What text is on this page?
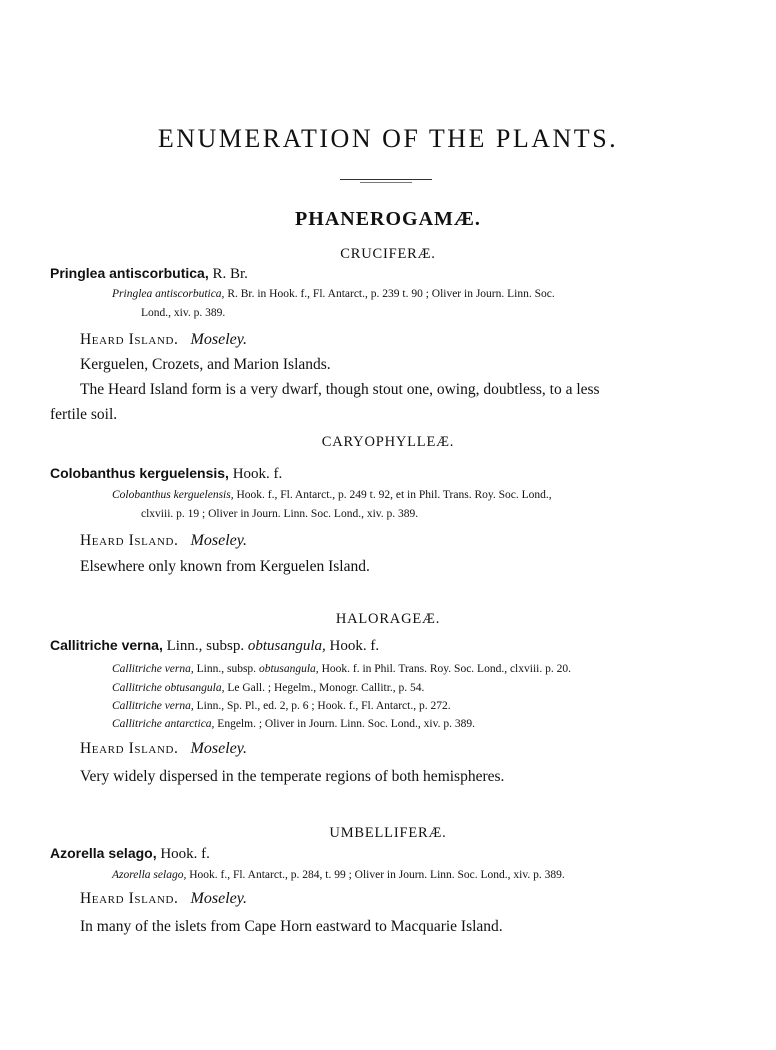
ENUMERATION OF THE PLANTS.
PHANEROGAMÆ.
CRUCIFERÆ.
Pringlea antiscorbutica, R. Br.
Pringlea antiscorbutica, R. Br. in Hook. f., Fl. Antarct., p. 239 t. 90 ; Oliver in Journ. Linn. Soc.
Lond., xiv. p. 389.
Heard Island. Moseley.
Kerguelen, Crozets, and Marion Islands.
The Heard Island form is a very dwarf, though stout one, owing, doubtless, to a less
fertile soil.
CARYOPHYLLEÆ.
Colobanthus kerguelensis, Hook. f.
Colobanthus kerguelensis, Hook. f., Fl. Antarct., p. 249 t. 92, et in Phil. Trans. Roy. Soc. Lond.,
clxviii. p. 19 ; Oliver in Journ. Linn. Soc. Lond., xiv. p. 389.
Heard Island. Moseley.
Elsewhere only known from Kerguelen Island.
HALORAGEÆ.
Callitriche verna, Linn., subsp. obtusangula, Hook. f.
Callitriche verna, Linn., subsp. obtusangula, Hook. f. in Phil. Trans. Roy. Soc. Lond., clxviii. p. 20.
Callitriche obtusangula, Le Gall. ; Hegelm., Monogr. Callitr., p. 54.
Callitriche verna, Linn., Sp. Pl., ed. 2, p. 6 ; Hook. f., Fl. Antarct., p. 272.
Callitriche antarctica, Engelm. ; Oliver in Journ. Linn. Soc. Lond., xiv. p. 389.
Heard Island. Moseley.
Very widely dispersed in the temperate regions of both hemispheres.
UMBELLIFERÆ.
Azorella selago, Hook. f.
Azorella selago, Hook. f., Fl. Antarct., p. 284, t. 99 ; Oliver in Journ. Linn. Soc. Lond., xiv. p. 389.
Heard Island. Moseley.
In many of the islets from Cape Horn eastward to Macquarie Island.
